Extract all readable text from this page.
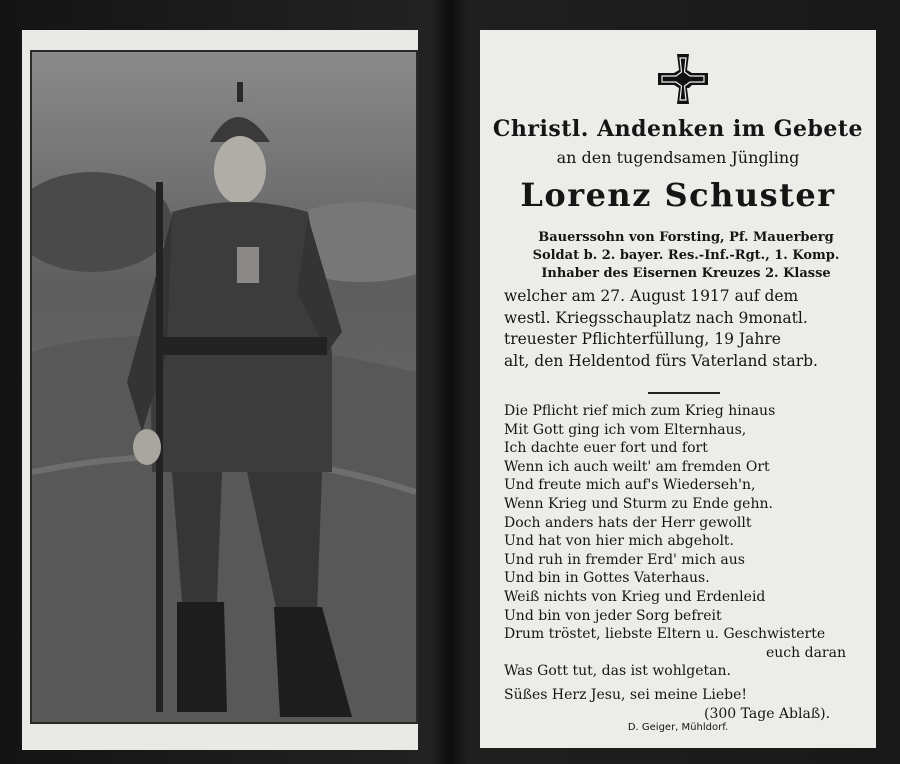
Christl. Andenken im Gebete
an den tugendsamen Jüngling
Lorenz Schuster
Bauerssohn von Forsting, Pf. Mauerberg
Soldat b. 2. bayer. Res.-Inf.-Rgt., 1. Komp.
Inhaber des Eisernen Kreuzes 2. Klasse
welcher am 27. August 1917 auf dem
westl. Kriegsschauplatz nach 9monatl.
treuester Pflichterfüllung, 19 Jahre
alt, den Heldentod fürs Vaterland starb.
Die Pflicht rief mich zum Krieg hinaus
Mit Gott ging ich vom Elternhaus,
Ich dachte euer fort und fort
Wenn ich auch weilt' am fremden Ort
Und freute mich auf's Wiederseh'n,
Wenn Krieg und Sturm zu Ende gehn.
Doch anders hats der Herr gewollt
Und hat von hier mich abgeholt.
Und ruh in fremder Erd' mich aus
Und bin in Gottes Vaterhaus.
Weiß nichts von Krieg und Erdenleid
Und bin von jeder Sorg befreit
Drum tröstet, liebste Eltern u. Geschwisterte
euch daran
Was Gott tut, das ist wohlgetan.
Süßes Herz Jesu, sei meine Liebe!
(300 Tage Ablaß).
D. Geiger, Mühldorf.
